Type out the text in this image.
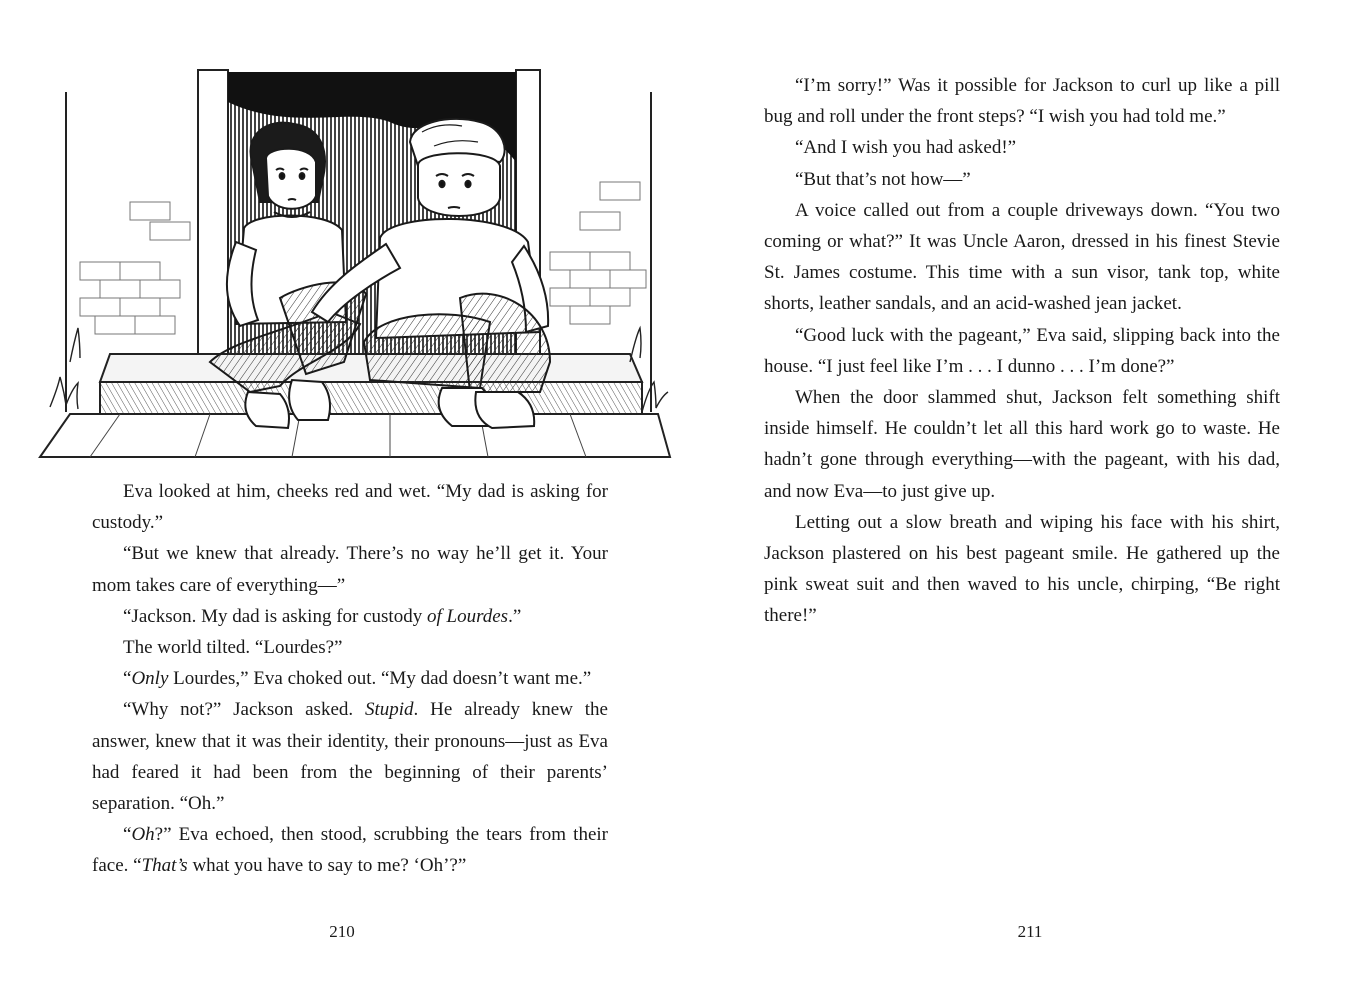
Eva looked at him, cheeks red and wet. “My dad is asking for custody.”

“But we knew that already. There’s no way he’ll get it. Your mom takes care of everything—”

“Jackson. My dad is asking for custody of Lourdes.”

The world tilted. “Lourdes?”

“Only Lourdes,” Eva choked out. “My dad doesn’t want me.”

“Why not?” Jackson asked. Stupid. He already knew the answer, knew that it was their identity, their pronouns—just as Eva had feared it had been from the beginning of their parents’ separation. “Oh.”

“Oh?” Eva echoed, then stood, scrubbing the tears from their face. “That’s what you have to say to me? ‘Oh’?”

210

“I’m sorry!” Was it possible for Jackson to curl up like a pill bug and roll under the front steps? “I wish you had told me.”

“And I wish you had asked!”

“But that’s not how—”

A voice called out from a couple driveways down. “You two coming or what?” It was Uncle Aaron, dressed in his finest Stevie St. James costume. This time with a sun visor, tank top, white shorts, leather sandals, and an acid-washed jean jacket.

“Good luck with the pageant,” Eva said, slipping back into the house. “I just feel like I’m . . . I dunno . . . I’m done?”

When the door slammed shut, Jackson felt something shift inside himself. He couldn’t let all this hard work go to waste. He hadn’t gone through everything—with the pageant, with his dad, and now Eva—to just give up.

Letting out a slow breath and wiping his face with his shirt, Jackson plastered on his best pageant smile. He gathered up the pink sweat suit and then waved to his uncle, chirping, “Be right there!”

211
